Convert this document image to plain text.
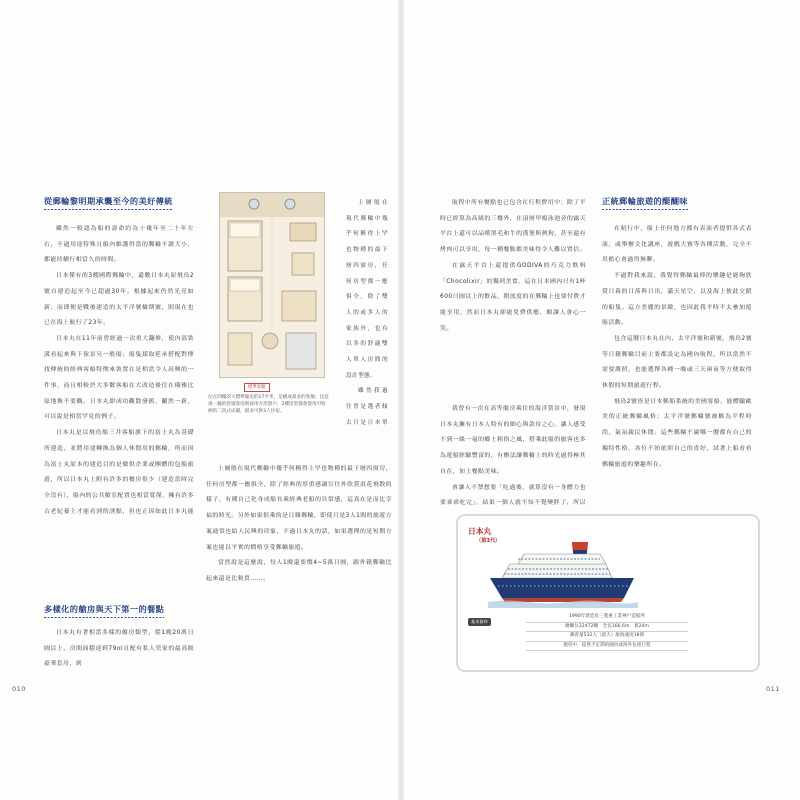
從郵輪黎明期承襲至今的美好傳統

雖然一般認為船的壽命約為十幾年至二十年左右，不過用途特殊且船內維護得當的郵輪不讀大小，都能持續行相當久的時間。

日本僅有的3艘國際郵輪中，還數日本丸原飛鳥2號自建造起至今已超過30年。根據起來仍然光亮如新；而即便是戰後建造的太平洋號輪期號，則現在也已在海上航行了23年。

日本丸在11年前曾經過一次重大翻修，使內部裝潢看起來與下傢景另一般船；船隻採取延承搭配對傳找傳統的經典客船特徵來裝置在是相當令人高興的一件事，而且相較於大多數客船在大改造後住在優雅比原地換不要觀，日本丸即成功觀散發舊，儼然一新，可以說是相當罕見的例子。

日本丸是以飛鳥船三井客船旗下的富士丸為基礎所建造，並將用途轉換為個人休閒用的郵輪，所而因為富士丸原本的建造目的是做供企業或團體的包船旅遊，所以日本丸上附有許多的餐房很少（建造當時完全沒有），船內的公共艙室配置也相當寬僅，擁有許多古老紀養上才能看到的誘點，但也正因如此日本丸能

多樣化的艙房與天下第一的餐點

日本丸有著相當多樣的艙房類型，從1晚20萬日圓以上，房間面積達到79㎡且配有私人管家的最高級豪華套房，到

標準客艙
位在四樓的大標準艙房的17平米，是構成最多的客艙；比這再一級的舒適客房則採用方形窗戶，2種房型都會使用可收納的二段式床鋪，最多可供3人住宿。

上圖般在現代郵輪中幾乎何稱得上罕也物種的最下層四窗房，任何房型都一應俱全，除了雙人的或多人的家族外，也有以多的舒適雙人單人房間的設計型態。

雖然我過往曾是選者傾去只是日本單

上圖般在現代郵輪中幾乎何稱得上罕也物種的最下層四窗房，任何房型都一應俱全，除了經典的厚重感調宣往外欣賞浪花飛散的樣子，有種自己化身成船長乘經典老船的貝常感，這真在是而比幸福的時光。另外如果很乘的是日雜郵輪，即使只是3人1間的旅遊方案通常也給人民興的印象，不過日本丸的話，如果選擇的是短期方案也能以平實的價格享受郵輪旅遊。

當然說是這麼說，每人1晚還要價4~5萬日圓，跟外籍郵輪比起來還是比較貴……。

010

航程中所有餐點也已包含在行程費用中；除了平時已經算為高級的三餐外，在頂層甲板泳池旁的露天平台上還可以品嚐黑毛和牛的漢堡與熱狗，甚至還有烤肉可以享用，每一種餐點都美味得令人難以置信。

在露天平台上還提供GODIVA的巧克力飲料「Chocolixir」的獨到美食，這在日本國內只有1杯600日圓以上的飲品，開放度的在郵輪上也要付費才能享用，然而日本丸卻能免費供應，頗讓人會心一笑。

我曾有一次在高等艙房乘住的海洋賞景中，發現日本丸擁有日本人特有的細心與款待之心，讓人感受不到一絲一毫的鄉土粗俗之風，搭乘此船的旅客也多為遊船經驗豐富的，有辦法讓郵輪上的時光過得極其自在，加上餐點美味。

會讓人不禁想要「吃過後、就算沒有一身體力也要乖乖吃完」，結果一個人就不知不覺變胖了，所以

正統郵輪旅遊的醍醐味

在航行中，船上任何地方都有表演者提供各式表演，或舉辦文化講座，遊戲大賽等各種活動，完全不用擔心會過得無聊。

不過對我來說，我覺得郵輪最棒的樂趣是能夠欣賞日暮的日落與日出，滿天星空，以及海上彼此交錯的船隻。這方美麗的景緻，也因此我平時不太參加遊船活動。

包含這艘日本丸在內，太平洋號和新號，飛鳥2號等日籍郵輪目前主要都設定為國內航程，所以當然不需要護照，也能選擇各種一晚或三天兩夜等方便取得休假的短期旅遊行程。

飛鳥2號皆是日本郵船系統的美國客船，能體驗歐美的正統郵輪風格；太平洋號郵輪號被稱為平程時尚，氣氛親民休閒。這些郵輪不論哪一艘都有自己的獨特性格，各位不妨依照自己的喜好，試著上船看看郵輪旅遊的樂趣所在。

日本丸
（第3代）
基本資料
1990年建造於三菱重工業神戶造船所
總噸位22472噸　全長166.6m　寬24m
載客量532人（最大）航海速度18節
服役中，提供不定期的國內或海外包租行程
011
